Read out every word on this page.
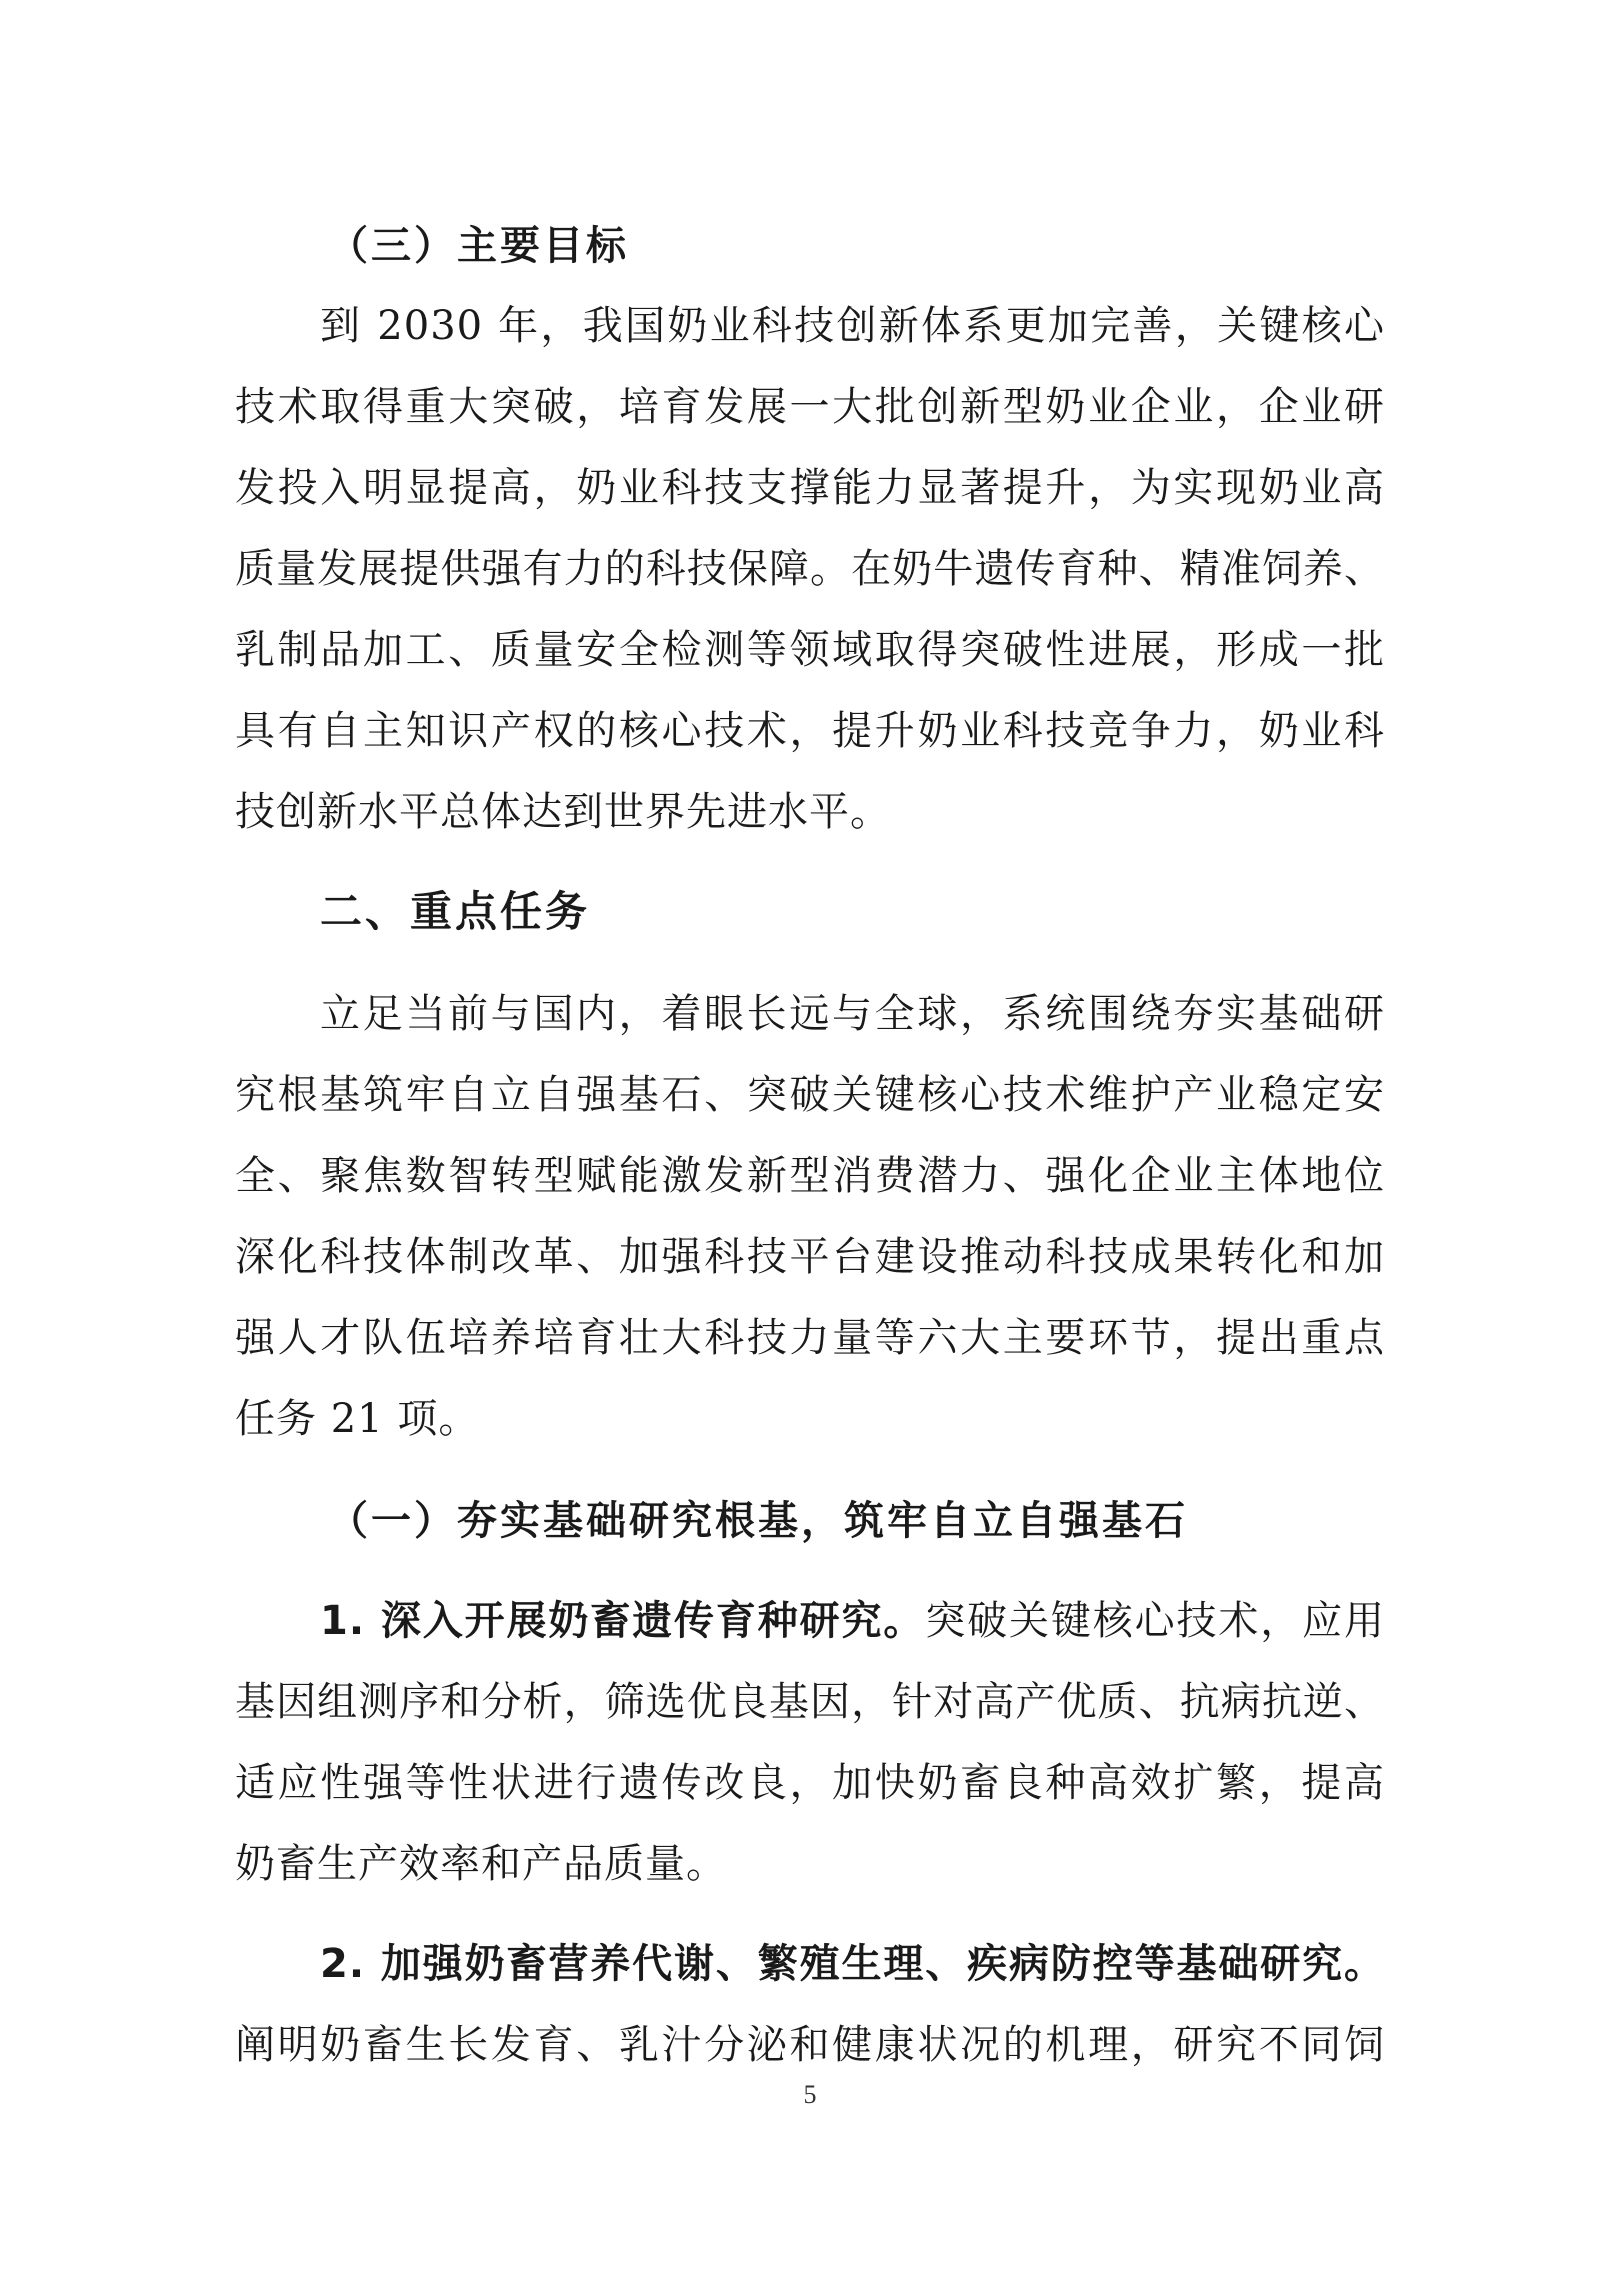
（三）主要目标
到 2030 年，我国奶业科技创新体系更加完善，关键核心
技术取得重大突破，培育发展一大批创新型奶业企业，企业研
发投入明显提高，奶业科技支撑能力显著提升，为实现奶业高
质量发展提供强有力的科技保障。在奶牛遗传育种、精准饲养、
乳制品加工、质量安全检测等领域取得突破性进展，形成一批
具有自主知识产权的核心技术，提升奶业科技竞争力，奶业科
技创新水平总体达到世界先进水平。
二、重点任务
立足当前与国内，着眼长远与全球，系统围绕夯实基础研
究根基筑牢自立自强基石、突破关键核心技术维护产业稳定安
全、聚焦数智转型赋能激发新型消费潜力、强化企业主体地位
深化科技体制改革、加强科技平台建设推动科技成果转化和加
强人才队伍培养培育壮大科技力量等六大主要环节，提出重点
任务 21 项。
（一）夯实基础研究根基，筑牢自立自强基石
1. 深入开展奶畜遗传育种研究。突破关键核心技术，应用
基因组测序和分析，筛选优良基因，针对高产优质、抗病抗逆、
适应性强等性状进行遗传改良，加快奶畜良种高效扩繁，提高
奶畜生产效率和产品质量。
2. 加强奶畜营养代谢、繁殖生理、疾病防控等基础研究。
阐明奶畜生长发育、乳汁分泌和健康状况的机理，研究不同饲
5
